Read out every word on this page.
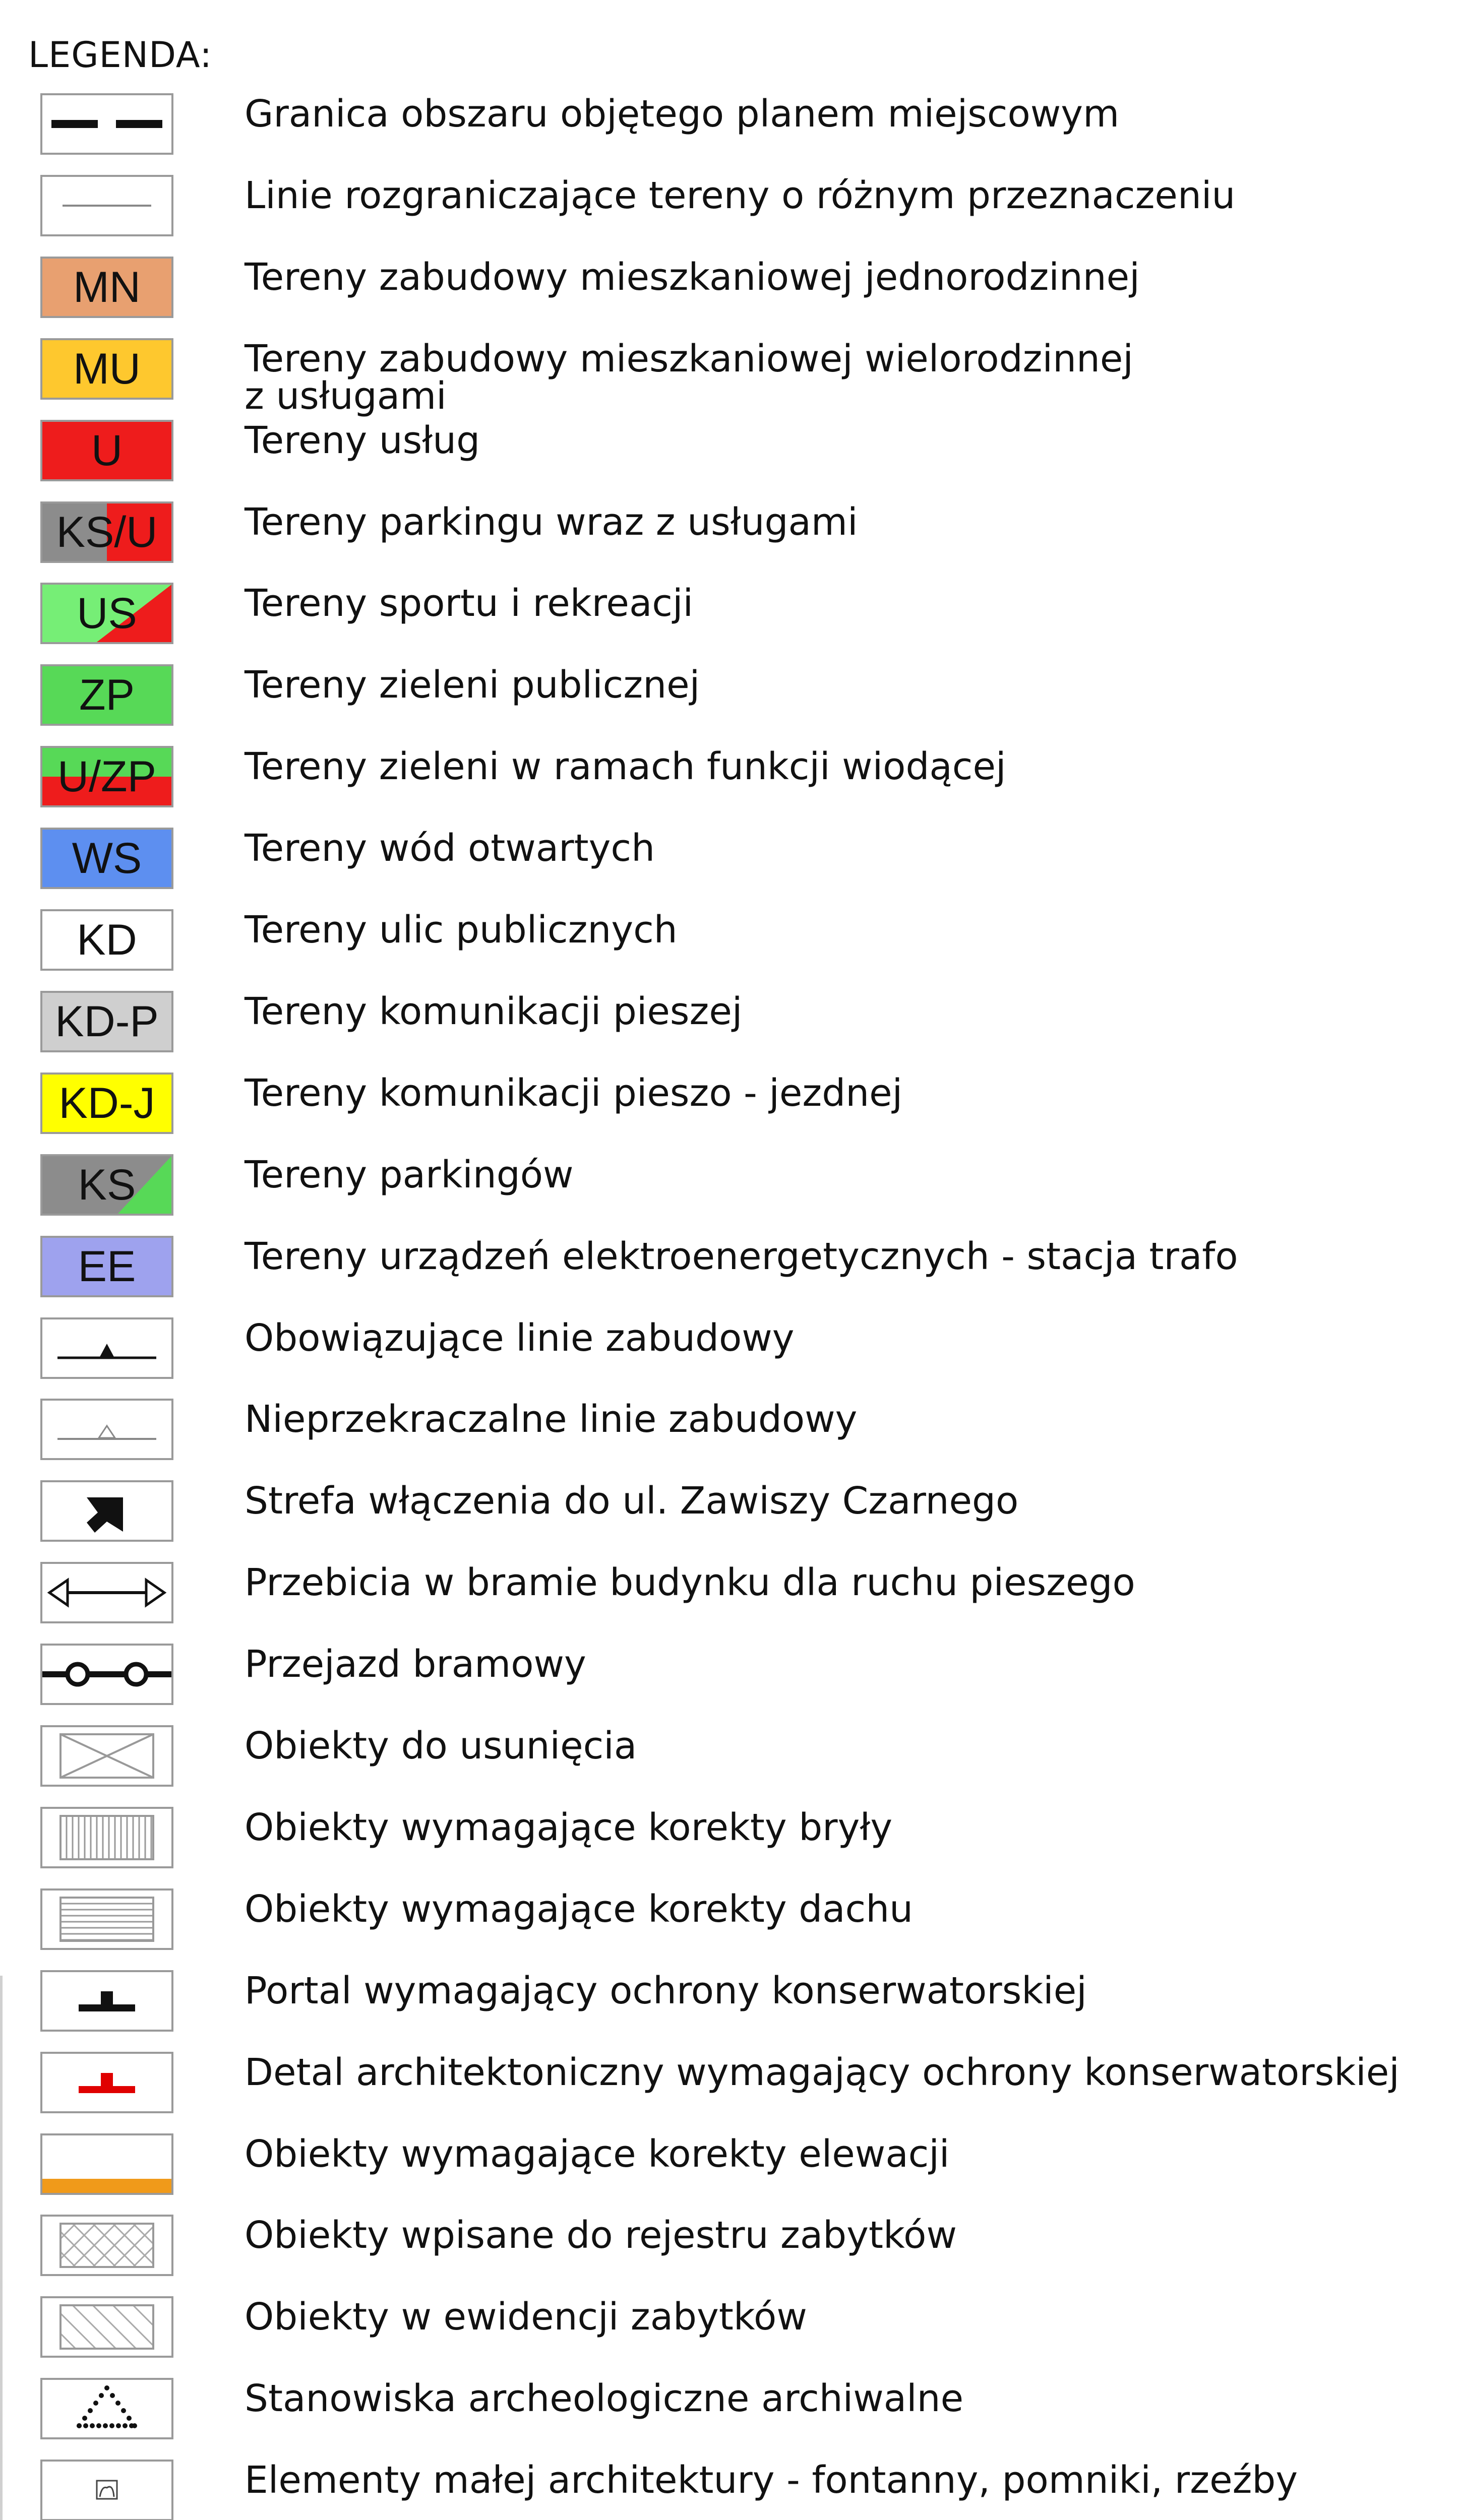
LEGENDA:
Granica obszaru objętego planem miejscowym
Linie rozgraniczające tereny o różnym przeznaczeniu
MN	Tereny zabudowy mieszkaniowej jednorodzinnej
MU	Tereny zabudowy mieszkaniowej wielorodzinnej
z usługami
U	Tereny usług
KS/U	Tereny parkingu wraz z usługami
US	Tereny sportu i rekreacji
ZP	Tereny zieleni publicznej
U/ZP	Tereny zieleni w ramach funkcji wiodącej
WS	Tereny wód otwartych
KD	Tereny ulic publicznych
KD-P	Tereny komunikacji pieszej
KD-J	Tereny komunikacji pieszo - jezdnej
KS	Tereny parkingów
EE	Tereny urządzeń elektroenergetycznych - stacja trafo
Obowiązujące linie zabudowy
Nieprzekraczalne linie zabudowy
Strefa włączenia do ul. Zawiszy Czarnego
Przebicia w bramie budynku dla ruchu pieszego
Przejazd bramowy
Obiekty do usunięcia
Obiekty wymagające korekty bryły
Obiekty wymagające korekty dachu
Portal wymagający ochrony konserwatorskiej
Detal architektoniczny wymagający ochrony konserwatorskiej
Obiekty wymagające korekty elewacji
Obiekty wpisane do rejestru zabytków
Obiekty w ewidencji zabytków
Stanowiska archeologiczne archiwalne
Elementy małej architektury - fontanny, pomniki, rzeźby
